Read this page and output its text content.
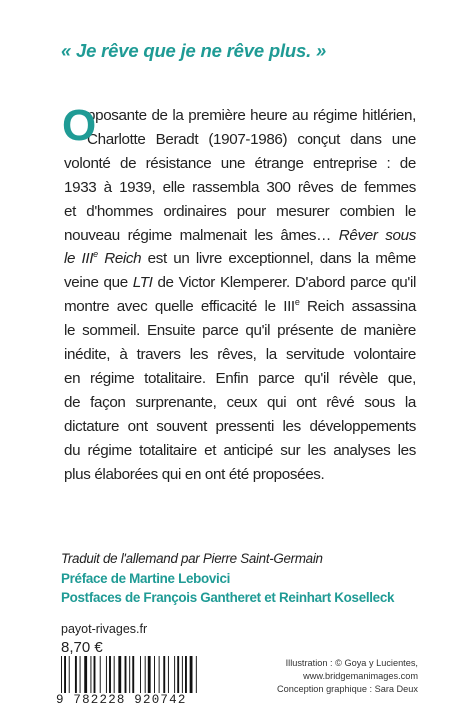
« Je rêve que je ne rêve plus. »
O
pposante de la première heure au régime hitlérien,
Charlotte Beradt (1907-1986) conçut dans une
volonté de résistance une étrange entreprise : de
1933 à 1939, elle rassembla 300 rêves de femmes
et d'hommes ordinaires pour mesurer combien le
nouveau régime malmenait les âmes… Rêver sous
le IIIe Reich est un livre exceptionnel, dans la même
veine que LTI de Victor Klemperer. D'abord parce qu'il
montre avec quelle efficacité le IIIe Reich assassina
le sommeil. Ensuite parce qu'il présente de manière
inédite, à travers les rêves, la servitude volontaire
en régime totalitaire. Enfin parce qu'il révèle que,
de façon surprenante, ceux qui ont rêvé sous la
dictature ont souvent pressenti les développements
du régime totalitaire et anticipé sur les analyses les
plus élaborées qui en ont été proposées.
Traduit de l'allemand par Pierre Saint-Germain
Préface de Martine Lebovici
Postfaces de François Gantheret et Reinhart Koselleck
payot-rivages.fr
8,70 €
9 782228 920742
Illustration : © Goya y Lucientes,
www.bridgemanimages.com
Conception graphique : Sara Deux
